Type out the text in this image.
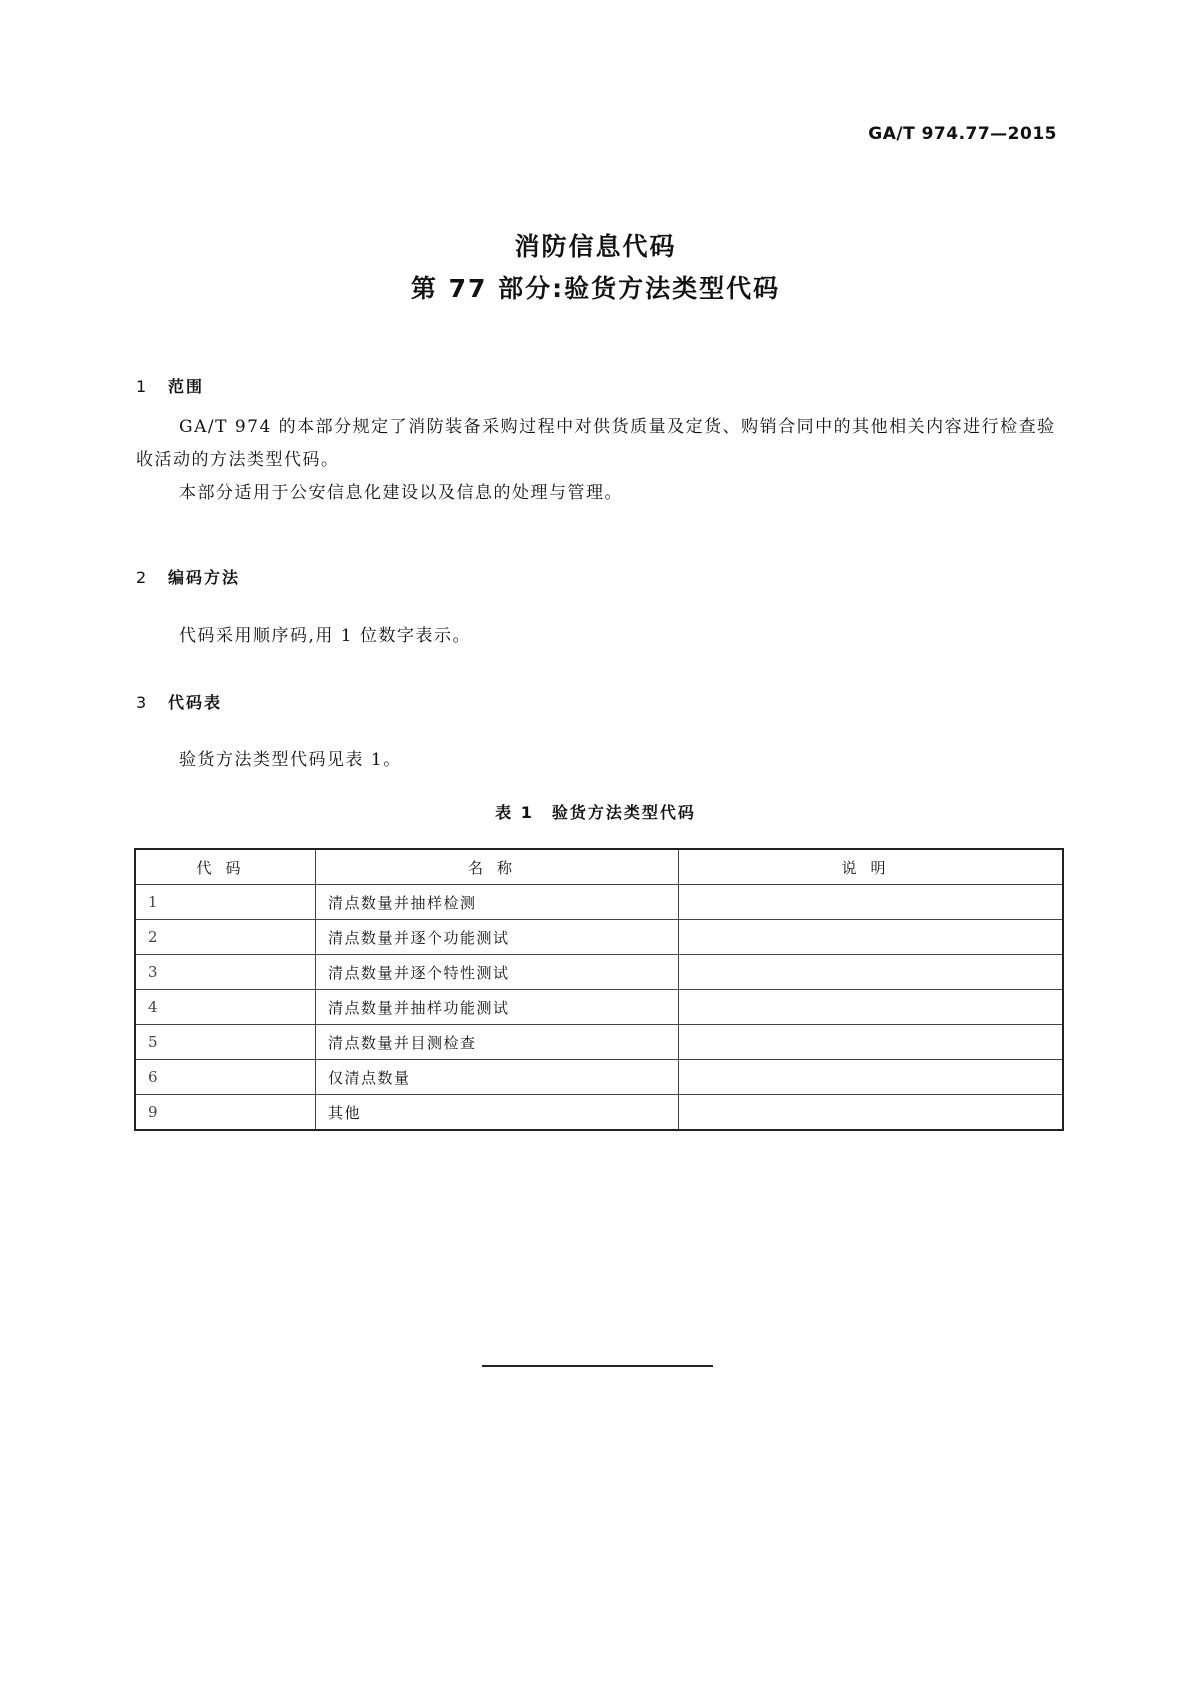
GA/T 974.77—2015
消防信息代码
第 77 部分:验货方法类型代码
1 范围

GA/T 974 的本部分规定了消防装备采购过程中对供货质量及定货、购销合同中的其他相关内容进行检查验收活动的方法类型代码。

本部分适用于公安信息化建设以及信息的处理与管理。

2 编码方法

代码采用顺序码,用 1 位数字表示。

3 代码表

验货方法类型代码见表 1。

表 1　验货方法类型代码
代码	名称	说明
1	清点数量并抽样检测	
2	清点数量并逐个功能测试	
3	清点数量并逐个特性测试	
4	清点数量并抽样功能测试	
5	清点数量并目测检查	
6	仅清点数量	
9	其他	
